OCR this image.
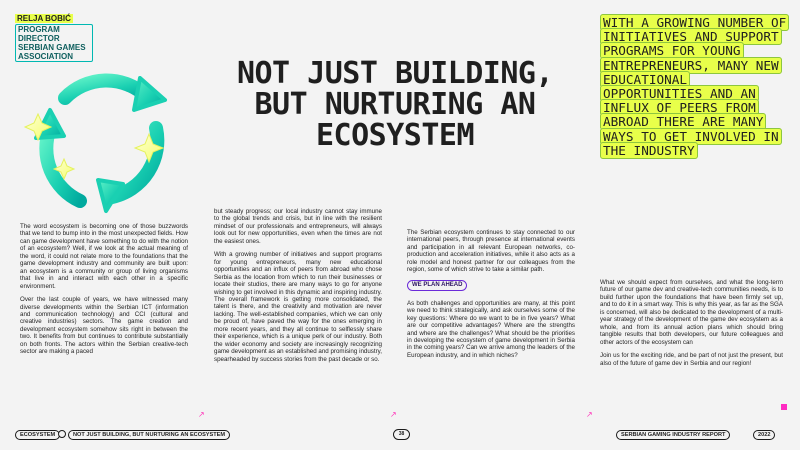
RELJA BOBIĆ
PROGRAM DIRECTOR SERBIAN GAMES ASSOCIATION	NOT JUST BUILDING, BUT NURTURING AN ECOSYSTEM
WITH A GROWING NUMBER OF INITIATIVES AND SUPPORT PROGRAMS FOR YOUNG ENTREPRENEURS, MANY NEW EDUCATIONAL OPPORTUNITIES AND AN INFLUX OF PEERS FROM ABROAD THERE ARE MANY WAYS TO GET INVOLVED IN THE INDUSTRY

The word ecosystem is becoming one of those buzzwords that we tend to bump into in the most unexpected fields. How can game development have something to do with the notion of an ecosystem? Well, if we look at the actual meaning of the word, it could not relate more to the foundations that the game development industry and community are built upon: an ecosystem is a community or group of living organisms that live in and interact with each other in a specific environment.

Over the last couple of years, we have witnessed many diverse developments within the Serbian ICT (information and communication technology) and CCI (cultural and creative industries) sectors. The game creation and development ecosystem somehow sits right in between the two. It benefits from but continues to contribute substantially on both fronts. The actors within the Serbian creative-tech sector are making a paced

but steady progress; our local industry cannot stay immune to the global trends and crisis, but in line with the resilient mindset of our professionals and entrepreneurs, will always look out for new opportunities, even when the times are not the easiest ones.

With a growing number of initiatives and support programs for young entrepreneurs, many new educational opportunities and an influx of peers from abroad who chose Serbia as the location from which to run their businesses or locate their studios, there are many ways to go for anyone wishing to get involved in this dynamic and inspiring industry. The overall framework is getting more consolidated, the talent is there, and the creativity and motivation are never lacking. The well-established companies, which we can only be proud of, have paved the way for the ones emerging in more recent years, and they all continue to selflessly share their experience, which is a unique perk of our industry. Both the wider economy and society are increasingly recognizing game development as an established and promising industry, spearheaded by success stories from the past decade or so.

The Serbian ecosystem continues to stay connected to our international peers, through presence at international events and participation in all relevant European networks, co-production and acceleration initiatives, while it also acts as a role model and honest partner for our colleagues from the region, some of which strive to take a similar path.

WE PLAN AHEAD

As both challenges and opportunities are many, at this point we need to think strategically, and ask ourselves some of the key questions: Where do we want to be in five years? What are our competitive advantages? Where are the strengths and where are the challenges? What should be the priorities in developing the ecosystem of game development in Serbia in the coming years? Can we arrive among the leaders of the European industry, and in which niches?

What we should expect from ourselves, and what the long-term future of our game dev and creative-tech communities needs, is to build further upon the foundations that have been firmly set up, and to do it in a smart way. This is why this year, as far as the SGA is concerned, will also be dedicated to the development of a multi-year strategy of the development of the game dev ecosystem as a whole, and from its annual action plans which should bring tangible results that both developers, our future colleagues and other actors of the ecosystem can

Join us for the exciting ride, and be part of not just the present, but also of the future of game dev in Serbia and our region!

↗	↗	↗
ECOSYSTEM	NOT JUST BUILDING, BUT NURTURING AN ECOSYSTEM	38	SERBIAN GAMING INDUSTRY REPORT	2022
